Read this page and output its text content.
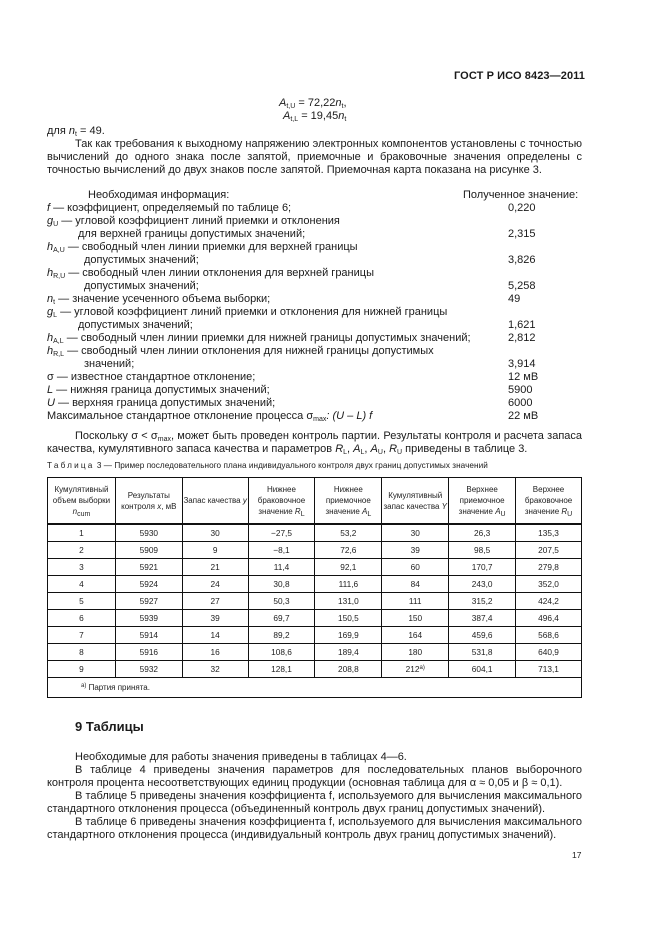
ГОСТ Р ИСО 8423—2011
$A_{t,U} = 72,22n_t$,
$A_{t,L} = 19,45n_t$
для $n_t = 49$.
Так как требования к выходному напряжению электронных компонентов установлены с точностью вычислений до одного знака после запятой, приемочные и браковочные значения определены с точностью вычислений до двух знаков после запятой. Приемочная карта показана на рисунке 3.
Необходимая информация:	Полученное значение:
f — коэффициент, определяемый по таблице 6;	0,220
$g_U$ — угловой коэффициент линий приемки и отклонения
для верхней границы допустимых значений;	2,315
$h_{A,U}$ — свободный член линии приемки для верхней границы
допустимых значений;	3,826
$h_{R,U}$ — свободный член линии отклонения для верхней границы
допустимых значений;	5,258
$n_t$ — значение усеченного объема выборки;	49
$g_L$ — угловой коэффициент линий приемки и отклонения для нижней границы
допустимых значений;	1,621
$h_{A,L}$ — свободный член линии приемки для нижней границы допустимых значений;	2,812
$h_{R,L}$ — свободный член линии отклонения для нижней границы допустимых
значений;	3,914
σ — известное стандартное отклонение;	12 мВ
L — нижняя граница допустимых значений;	5900
U — верхняя граница допустимых значений;	6000
Максимальное стандартное отклонение процесса $\sigma_{max}$: (U – L) f	22 мВ
Поскольку $\sigma < \sigma_{max}$, может быть проведен контроль партии. Результаты контроля и расчета запаса качества, кумулятивного запаса качества и параметров $R_L$, $A_L$, $A_U$, $R_U$ приведены в таблице 3.
Таблица 3 — Пример последовательного плана индивидуального контроля двух границ допустимых значений
Кумулятивный объем выборки $n_{cum}$	Результаты контроля x, мВ	Запас качества y	Нижнее браковочное значение $R_L$	Нижнее приемочное значение $A_L$	Кумулятивный запас качества Y	Верхнее приемочное значение $A_U$	Верхнее браковочное значение $R_U$
1	5930	30	−27,5	53,2	30	26,3	135,3
2	5909	9	−8,1	72,6	39	98,5	207,5
3	5921	21	11,4	92,1	60	170,7	279,8
4	5924	24	30,8	111,6	84	243,0	352,0
5	5927	27	50,3	131,0	111	315,2	424,2
6	5939	39	69,7	150,5	150	387,4	496,4
7	5914	14	89,2	169,9	164	459,6	568,6
8	5916	16	108,6	189,4	180	531,8	640,9
9	5932	32	128,1	208,8	212$^{а)}$	604,1	713,1
$^{а)}$ Партия принята.							
9 Таблицы
Необходимые для работы значения приведены в таблицах 4—6.
В таблице 4 приведены значения параметров для последовательных планов выборочного контроля процента несоответствующих единиц продукции (основная таблица для α ≈ 0,05 и β ≈ 0,1).
В таблице 5 приведены значения коэффициента f, используемого для вычисления максимального стандартного отклонения процесса (объединенный контроль двух границ допустимых значений).
В таблице 6 приведены значения коэффициента f, используемого для вычисления максимального стандартного отклонения процесса (индивидуальный контроль двух границ допустимых значений).
17
